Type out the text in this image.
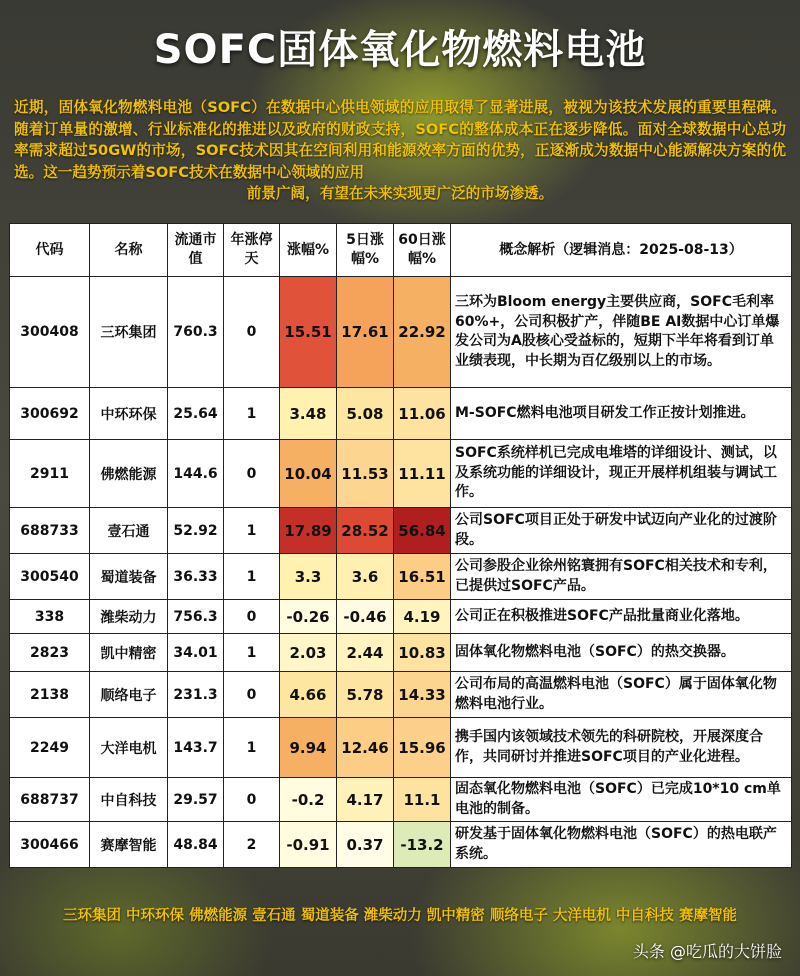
SOFC固体氧化物燃料电池
近期，固体氧化物燃料电池（SOFC）在数据中心供电领域的应用取得了显著进展，被视为该技术发展的重要里程碑。随着订单量的激增、行业标准化的推进以及政府的财政支持，SOFC的整体成本正在逐步降低。面对全球数据中心总功率需求超过50GW的市场，SOFC技术因其在空间利用和能源效率方面的优势，正逐渐成为数据中心能源解决方案的优选。这一趋势预示着SOFC技术在数据中心领域的应用
前景广阔，有望在未来实现更广泛的市场渗透。
代码	名称	流通市值	年涨停天	涨幅%	5日涨幅%	60日涨幅%	概念解析（逻辑消息：2025-08-13）
300408	三环集团	760.3	0	15.51	17.61	22.92	三环为Bloom energy主要供应商，SOFC毛利率60%+，公司积极扩产，伴随BE AI数据中心订单爆发公司为A股核心受益标的，短期下半年将看到订单业绩表现，中长期为百亿级别以上的市场。
300692	中环环保	25.64	1	3.48	5.08	11.06	M-SOFC燃料电池项目研发工作正按计划推进。
2911	佛燃能源	144.6	0	10.04	11.53	11.11	SOFC系统样机已完成电堆塔的详细设计、测试，以及系统功能的详细设计，现正开展样机组装与调试工作。
688733	壹石通	52.92	1	17.89	28.52	56.84	公司SOFC项目正处于研发中试迈向产业化的过渡阶段。
300540	蜀道装备	36.33	1	3.3	3.6	16.51	公司参股企业徐州铭寰拥有SOFC相关技术和专利，已提供过SOFC产品。
338	潍柴动力	756.3	0	-0.26	-0.46	4.19	公司正在积极推进SOFC产品批量商业化落地。
2823	凯中精密	34.01	1	2.03	2.44	10.83	固体氧化物燃料电池（SOFC）的热交换器。
2138	顺络电子	231.3	0	4.66	5.78	14.33	公司布局的高温燃料电池（SOFC）属于固体氧化物燃料电池行业。
2249	大洋电机	143.7	1	9.94	12.46	15.96	携手国内该领域技术领先的科研院校，开展深度合作，共同研讨并推进SOFC项目的产业化进程。
688737	中自科技	29.57	0	-0.2	4.17	11.1	固态氧化物燃料电池（SOFC）已完成10*10 cm单电池的制备。
300466	赛摩智能	48.84	2	-0.91	0.37	-13.2	研发基于固体氧化物燃料电池（SOFC）的热电联产系统。
三环集团 中环环保 佛燃能源 壹石通 蜀道装备 潍柴动力 凯中精密 顺络电子 大洋电机 中自科技 赛摩智能
头条 @吃瓜的大饼脸
